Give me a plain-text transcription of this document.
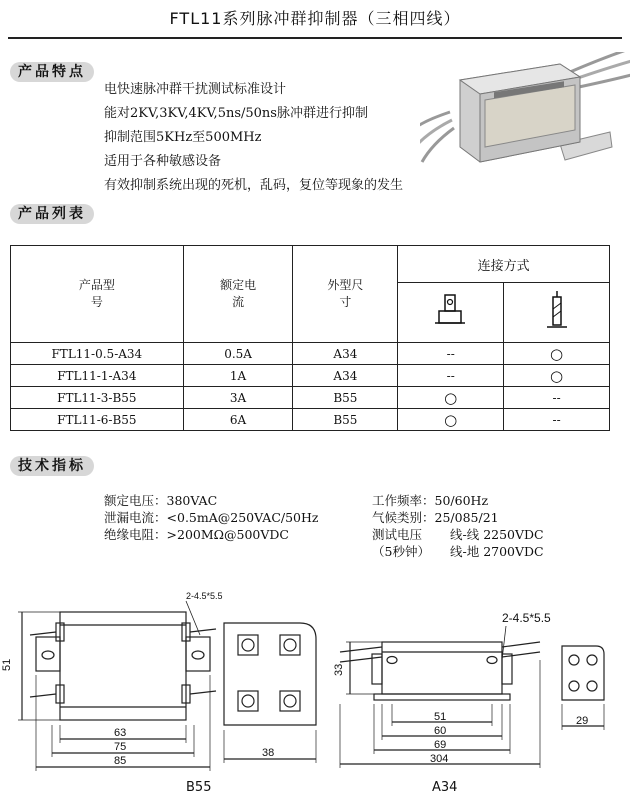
FTL11系列脉冲群抑制器（三相四线）
产品特点
电快速脉冲群干扰测试标准设计
能对2KV,3KV,4KV,5ns/50ns脉冲群进行抑制
抑制范围5KHz至500MHz
适用于各种敏感设备
有效抑制系统出现的死机，乱码，复位等现象的发生
产品列表
产品型号	额定电流	外型尺寸	连接方式	

FTL11-0.5-A34	0.5A	A34	--	○
FTL11-1-A34	1A	A34	--	○
FTL11-3-B55	3A	B55	○	--
FTL11-6-B55	6A	B55	○	--
技术指标
额定电压：380VAC
泄漏电流：<0.5mA@250VAC/50Hz
绝缘电阻：>200MΩ@500VDC
工作频率：50/60Hz
气候类别：25/085/21
测试电压 线-线 2250VDC
（5秒钟） 线-地 2700VDC
2-4.5*5.5
51
63
75
85
38
B55
2-4.5*5.5
33
51
60
69
304
29
A34
